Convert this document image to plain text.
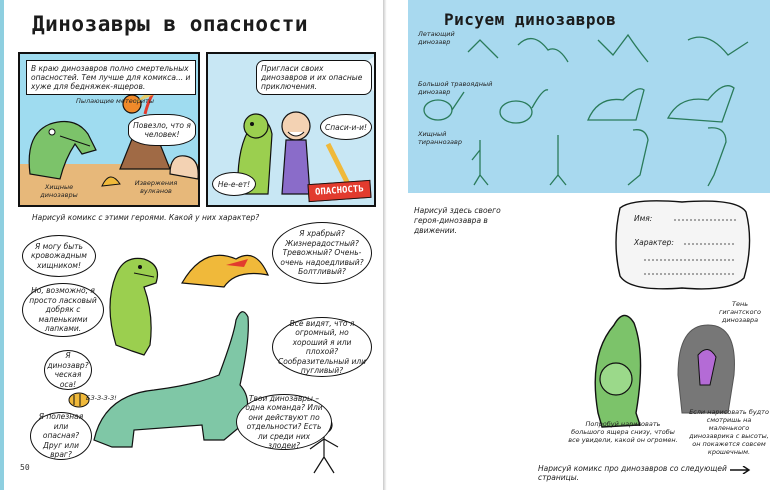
Динозавры в опасности
В краю динозавров полно смертельных опасностей. Тем лучше для комикса... и хуже для бедняжек-ящеров.
Пылающие метеориты
Повезло, что я человек!
Хищные динозавры
Извержения вулканов
Пригласи своих динозавров и их опасные приключения.
Спаси-и-и!
Не-е-ет!
ОПАСНОСТЬ
Нарисуй комикс с этими героями. Какой у них характер?
Я могу быть кровожадным хищником!
Но, возможно, я просто ласковый добряк с маленькими лапками.
Я храбрый? Жизнерадостный? Тревожный? Очень-очень надоедливый? Болтливый?
Все видят, что я огромный, но хороший я или плохой? Сообразительный или пугливый?
Я динозавр?ческая оса!
БЗ-З-З-З!
Я полезная или опасная? Друг или враг?
Твои динозавры – одна команда? Или они действуют по отдельности? Есть ли среди них злодеи?
50
Рисуем динозавров
Летающий динозавр
Большой травоядный динозавр
Хищный тираннозавр
Нарисуй здесь своего героя-динозавра в движении.
Имя:
Характер:
Тень гигантского динозавра
Попробуй нарисовать большого ящера снизу, чтобы все увидели, какой он огромен.
Если нарисовать будто смотришь на маленького динозаврика с высоты, он покажется совсем крошечным.
Нарисуй комикс про динозавров со следующей страницы.
